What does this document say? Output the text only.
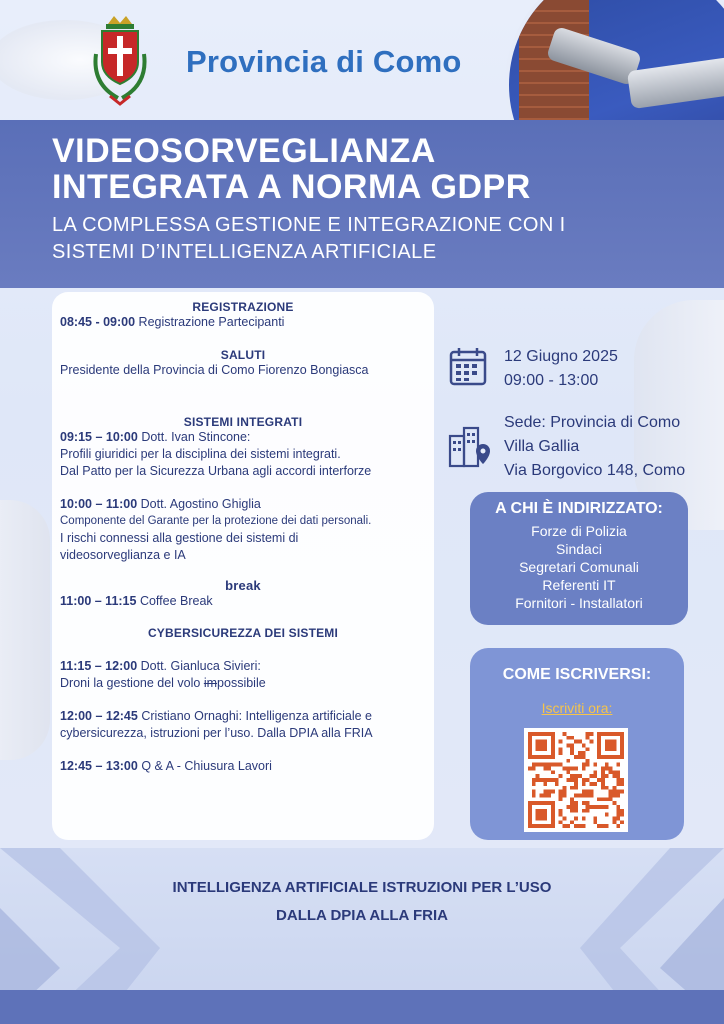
Provincia di Como
VIDEOSORVEGLIANZA
INTEGRATA A NORMA GDPR
LA COMPLESSA GESTIONE E INTEGRAZIONE CON I
SISTEMI D’INTELLIGENZA ARTIFICIALE
REGISTRAZIONE
08:45 - 09:00 Registrazione Partecipanti
SALUTI
Presidente della Provincia di Como Fiorenzo Bongiasca
SISTEMI INTEGRATI
09:15 – 10:00 Dott. Ivan Stincone:
Profili giuridici per la disciplina dei sistemi integrati.
Dal Patto per la Sicurezza Urbana agli accordi interforze
10:00 – 11:00 Dott. Agostino Ghiglia
Componente del Garante per la protezione dei dati personali.
I rischi connessi alla gestione dei sistemi di
videosorveglianza e IA
break
11:00 – 11:15 Coffee Break
CYBERSICUREZZA DEI SISTEMI
11:15 – 12:00 Dott. Gianluca Sivieri:
Droni la gestione del volo impossibile
12:00 – 12:45 Cristiano Ornaghi: Intelligenza artificiale e
cybersicurezza, istruzioni per l’uso. Dalla DPIA alla FRIA
12:45 – 13:00 Q & A - Chiusura Lavori
12 Giugno 2025
09:00 - 13:00
Sede: Provincia di Como
Villa Gallia
Via Borgovico 148, Como
A CHI È INDIRIZZATO:
Forze di Polizia
Sindaci
Segretari Comunali
Referenti IT
Fornitori - Installatori
COME ISCRIVERSI:
Iscriviti ora:
INTELLIGENZA ARTIFICIALE ISTRUZIONI PER L’USO
DALLA DPIA ALLA FRIA
